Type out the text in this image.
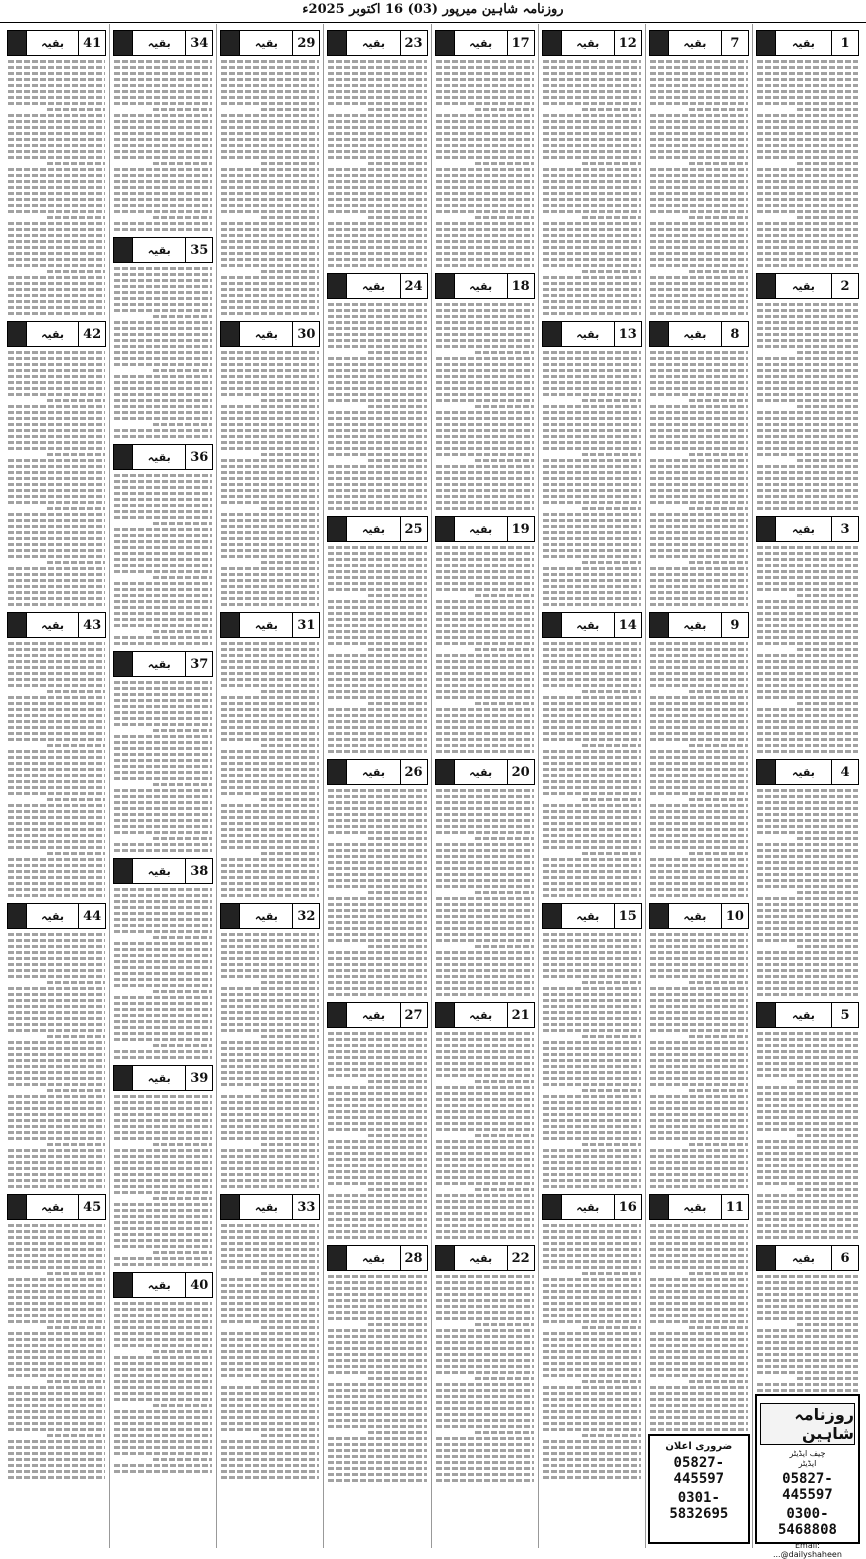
روزنامہ شاہین میرپور (03) 16 اکتوبر 2025ء
1
بقیہ
2
بقیہ
3
بقیہ
4
بقیہ
5
بقیہ
6
بقیہ
روزنامہ شاہین
چیف ایڈیٹر
ایڈیٹر
05827-445597
0300-5468808
Email: dailyshaheen@...
7
بقیہ
8
بقیہ
9
بقیہ
10
بقیہ
11
بقیہ
ضروری اعلان
05827-445597
0301-5832695
12
بقیہ
13
بقیہ
14
بقیہ
15
بقیہ
16
بقیہ
17
بقیہ
18
بقیہ
19
بقیہ
20
بقیہ
21
بقیہ
22
بقیہ
23
بقیہ
24
بقیہ
25
بقیہ
26
بقیہ
27
بقیہ
28
بقیہ
29
بقیہ
30
بقیہ
31
بقیہ
32
بقیہ
33
بقیہ
34
بقیہ
35
بقیہ
36
بقیہ
37
بقیہ
38
بقیہ
39
بقیہ
40
بقیہ
41
بقیہ
42
بقیہ
43
بقیہ
44
بقیہ
45
بقیہ
